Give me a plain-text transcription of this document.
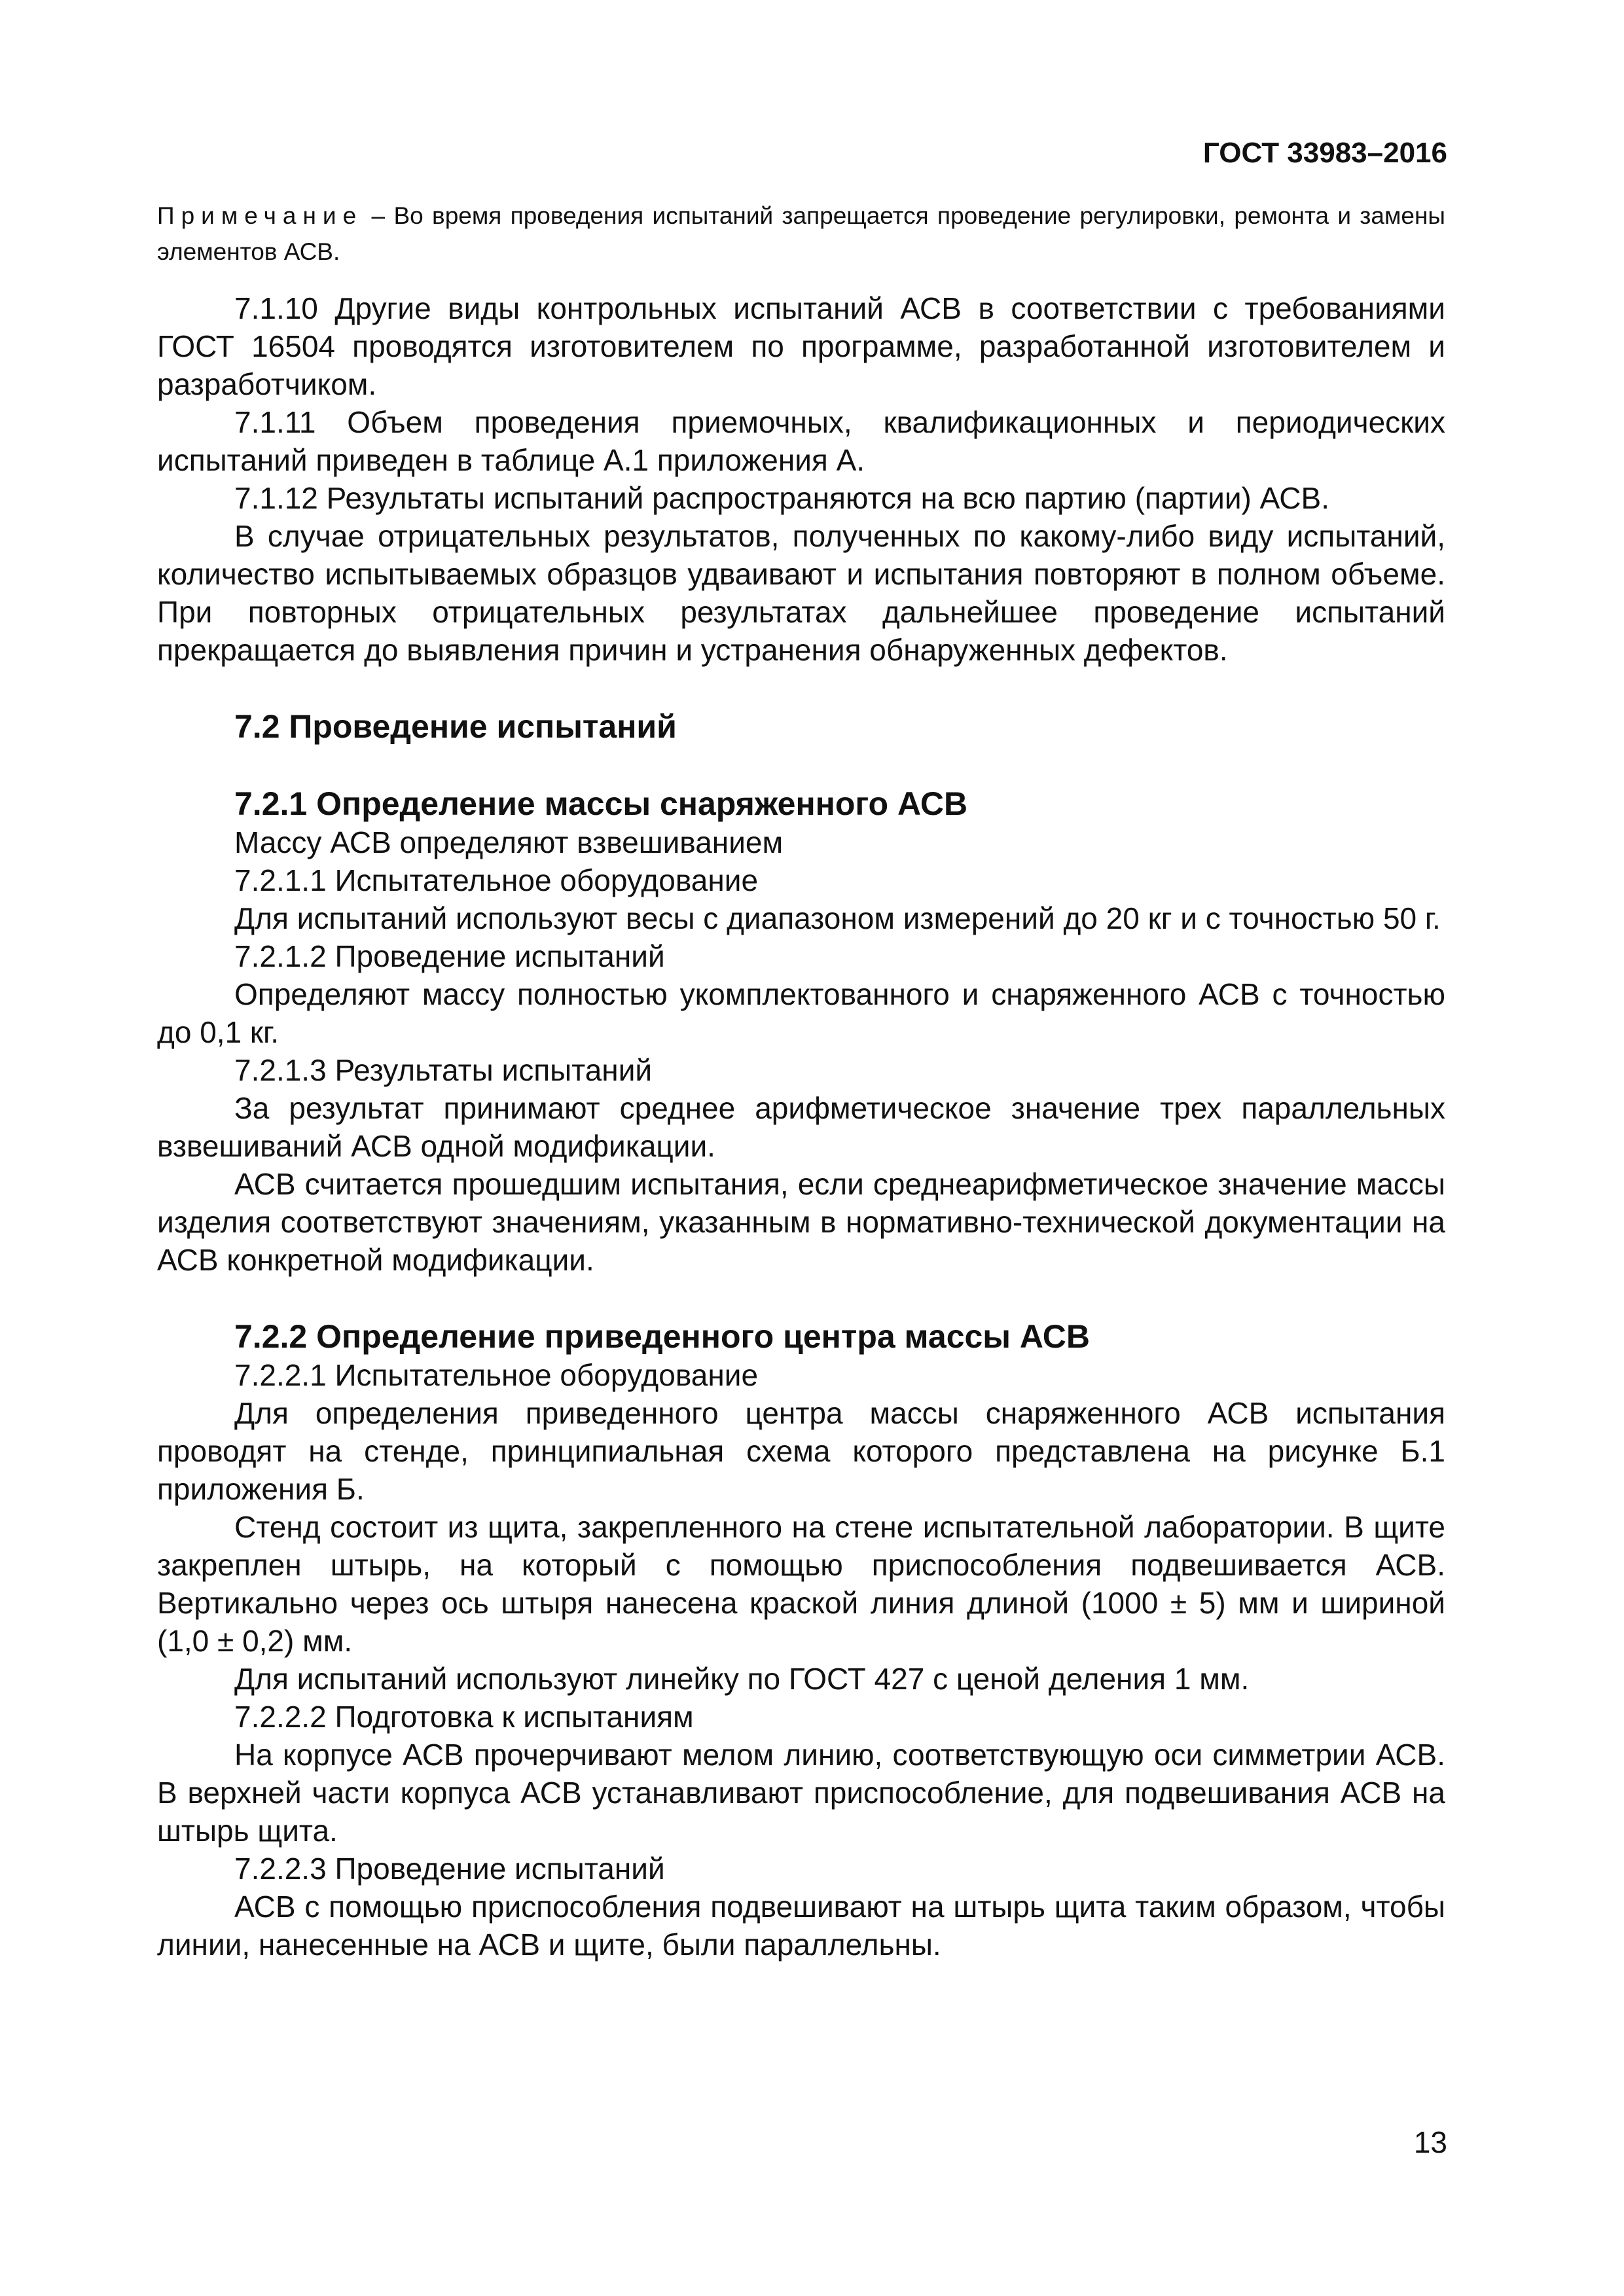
ГОСТ 33983–2016

Примечание – Во время проведения испытаний запрещается проведение регулировки, ремонта и замены элементов АСВ.

7.1.10 Другие виды контрольных испытаний АСВ в соответствии с требованиями ГОСТ 16504 проводятся изготовителем по программе, разработанной изготовителем и разработчиком.

7.1.11 Объем проведения приемочных, квалификационных и периодических испытаний приведен в таблице А.1 приложения А.

7.1.12 Результаты испытаний распространяются на всю партию (партии) АСВ.

В случае отрицательных результатов, полученных по какому-либо виду испытаний, количество испытываемых образцов удваивают и испытания повторяют в полном объеме. При повторных отрицательных результатах дальнейшее проведение испытаний прекращается до выявления причин и устранения обнаруженных дефектов.

7.2 Проведение испытаний
7.2.1 Определение массы снаряженного АСВ

Массу АСВ определяют взвешиванием

7.2.1.1 Испытательное оборудование

Для испытаний используют весы с диапазоном измерений до 20 кг и с точностью 50 г.

7.2.1.2 Проведение испытаний

Определяют массу полностью укомплектованного и снаряженного АСВ с точностью до 0,1 кг.

7.2.1.3 Результаты испытаний

За результат принимают среднее арифметическое значение трех параллельных взвешиваний АСВ одной модификации.

АСВ считается прошедшим испытания, если среднеарифметическое значение массы изделия соответствуют значениям, указанным в нормативно-технической документации на АСВ конкретной модификации.

7.2.2 Определение приведенного центра массы АСВ

7.2.2.1 Испытательное оборудование

Для определения приведенного центра массы снаряженного АСВ испытания проводят на стенде, принципиальная схема которого представлена на рисунке Б.1 приложения Б.

Стенд состоит из щита, закрепленного на стене испытательной лаборатории. В щите закреплен штырь, на который с помощью приспособления подвешивается АСВ. Вертикально через ось штыря нанесена краской линия длиной (1000 ± 5) мм и шириной (1,0 ± 0,2) мм.

Для испытаний используют линейку по ГОСТ 427 с ценой деления 1 мм.

7.2.2.2 Подготовка к испытаниям

На корпусе АСВ прочерчивают мелом линию, соответствующую оси симметрии АСВ. В верхней части корпуса АСВ устанавливают приспособление, для подвешивания АСВ на штырь щита.

7.2.2.3 Проведение испытаний

АСВ с помощью приспособления подвешивают на штырь щита таким образом, чтобы линии, нанесенные на АСВ и щите, были параллельны.

13
